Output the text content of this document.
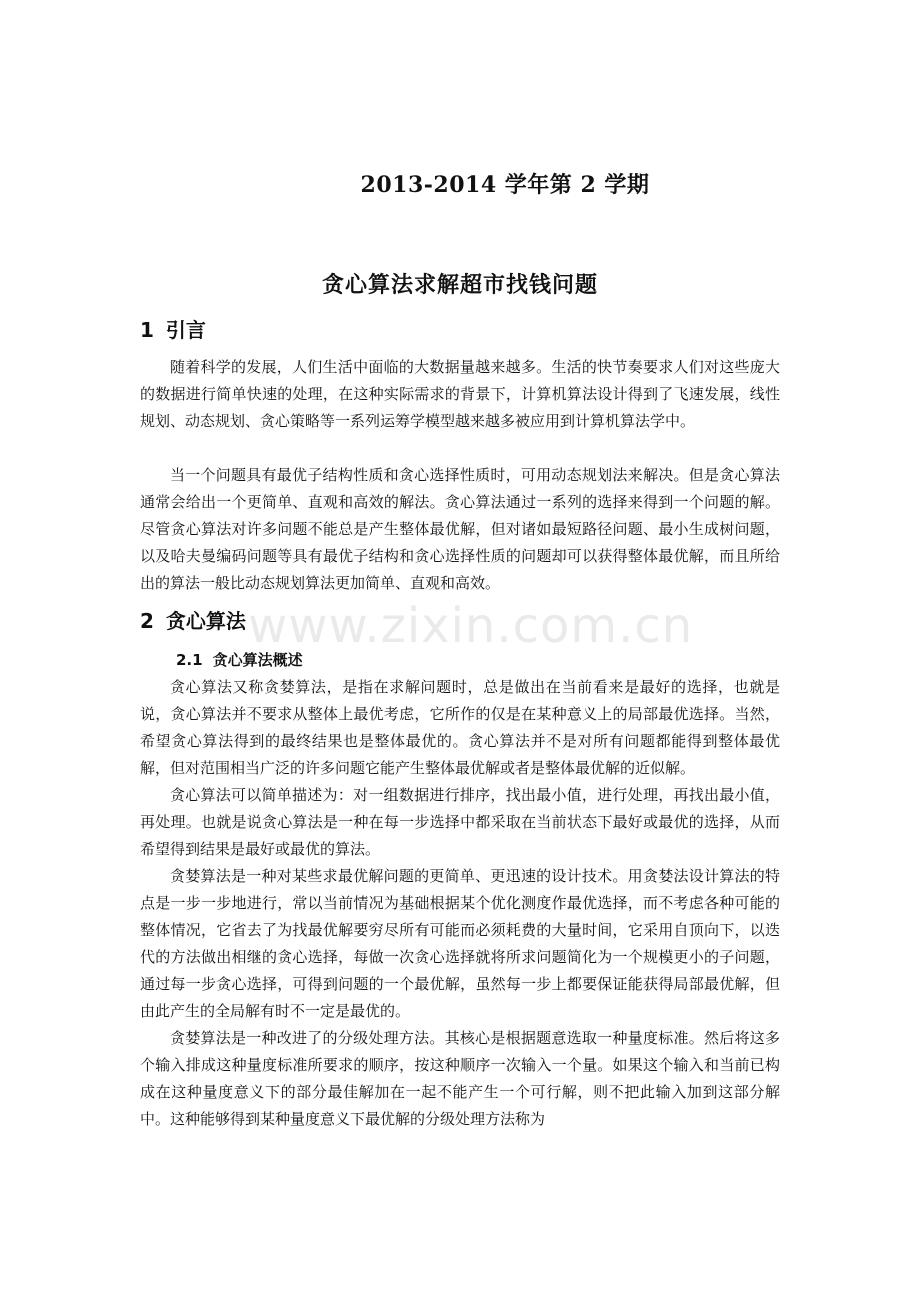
2013-2014 学年第 2 学期
贪心算法求解超市找钱问题
1 引言

随着科学的发展，人们生活中面临的大数据量越来越多。生活的快节奏要求人们对这些庞大的数据进行简单快速的处理，在这种实际需求的背景下，计算机算法设计得到了飞速发展，线性规划、动态规划、贪心策略等一系列运筹学模型越来越多被应用到计算机算法学中。

当一个问题具有最优子结构性质和贪心选择性质时，可用动态规划法来解决。但是贪心算法通常会给出一个更简单、直观和高效的解法。贪心算法通过一系列的选择来得到一个问题的解。尽管贪心算法对许多问题不能总是产生整体最优解，但对诸如最短路径问题、最小生成树问题，以及哈夫曼编码问题等具有最优子结构和贪心选择性质的问题却可以获得整体最优解，而且所给出的算法一般比动态规划算法更加简单、直观和高效。

2 贪心算法
2.1 贪心算法概述

贪心算法又称贪婪算法，是指在求解问题时，总是做出在当前看来是最好的选择，也就是说，贪心算法并不要求从整体上最优考虑，它所作的仅是在某种意义上的局部最优选择。当然，希望贪心算法得到的最终结果也是整体最优的。贪心算法并不是对所有问题都能得到整体最优解，但对范围相当广泛的许多问题它能产生整体最优解或者是整体最优解的近似解。

贪心算法可以简单描述为：对一组数据进行排序，找出最小值，进行处理，再找出最小值，再处理。也就是说贪心算法是一种在每一步选择中都采取在当前状态下最好或最优的选择，从而希望得到结果是最好或最优的算法。

贪婪算法是一种对某些求最优解问题的更简单、更迅速的设计技术。用贪婪法设计算法的特点是一步一步地进行，常以当前情况为基础根据某个优化测度作最优选择，而不考虑各种可能的整体情况，它省去了为找最优解要穷尽所有可能而必须耗费的大量时间，它采用自顶向下，以迭代的方法做出相继的贪心选择，每做一次贪心选择就将所求问题简化为一个规模更小的子问题，通过每一步贪心选择，可得到问题的一个最优解，虽然每一步上都要保证能获得局部最优解，但由此产生的全局解有时不一定是最优的。

贪婪算法是一种改进了的分级处理方法。其核心是根据题意选取一种量度标准。然后将这多个输入排成这种量度标准所要求的顺序，按这种顺序一次输入一个量。如果这个输入和当前已构成在这种量度意义下的部分最佳解加在一起不能产生一个可行解，则不把此输入加到这部分解中。这种能够得到某种量度意义下最优解的分级处理方法称为

www.zixin.com.cn
